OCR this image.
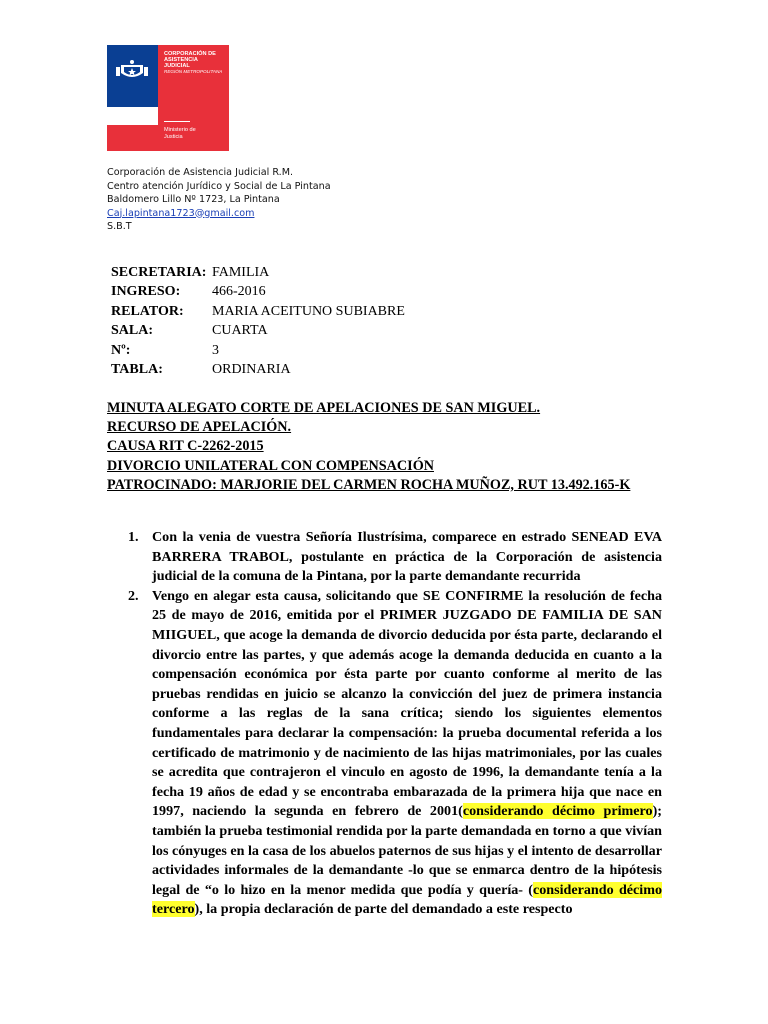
CORPORACIÓN DE
ASISTENCIA
JUDICIAL
REGIÓN METROPOLITANA
Ministerio de
Justicia
Corporación de Asistencia Judicial R.M.
Centro atención Jurídico y Social de La Pintana
Baldomero Lillo Nº 1723, La Pintana
Caj.lapintana1723@gmail.com
S.B.T
SECRETARIA: FAMILIA
INGRESO:	466-2016
RELATOR:	MARIA ACEITUNO SUBIABRE
SALA:	CUARTA
Nº:	3
TABLA:	ORDINARIA
MINUTA ALEGATO CORTE DE APELACIONES DE SAN MIGUEL.
RECURSO DE APELACIÓN.
CAUSA RIT C-2262-2015
DIVORCIO UNILATERAL CON COMPENSACIÓN
PATROCINADO: MARJORIE DEL CARMEN ROCHA MUÑOZ, RUT 13.492.165-K
1. Con la venia de vuestra Señoría Ilustrísima, comparece en estrado SENEAD EVA BARRERA TRABOL, postulante en práctica de la Corporación de asistencia judicial de la comuna de la Pintana, por la parte demandante recurrida
2. Vengo en alegar esta causa, solicitando que SE CONFIRME la resolución de fecha 25 de mayo de 2016, emitida por el PRIMER JUZGADO DE FAMILIA DE SAN MIIGUEL, que acoge la demanda de divorcio deducida por ésta parte, declarando el divorcio entre las partes, y que además acoge la demanda deducida en cuanto a la compensación económica por ésta parte por cuanto conforme al merito de las pruebas rendidas en juicio se alcanzo la convicción del juez de primera instancia conforme a las reglas de la sana crítica; siendo los siguientes elementos fundamentales para declarar la compensación: la prueba documental referida a los certificado de matrimonio y de nacimiento de las hijas matrimoniales, por las cuales se acredita que contrajeron el vinculo en agosto de 1996, la demandante tenía a la fecha 19 años de edad y se encontraba embarazada de la primera hija que nace en 1997, naciendo la segunda en febrero de 2001(considerando décimo primero); también la prueba testimonial rendida por la parte demandada en torno a que vivían los cónyuges en la casa de los abuelos paternos de sus hijas y el intento de desarrollar actividades informales de la demandante -lo que se enmarca dentro de la hipótesis legal de “o lo hizo en la menor medida que podía y quería- (considerando décimo tercero), la propia declaración de parte del demandado a este respecto
